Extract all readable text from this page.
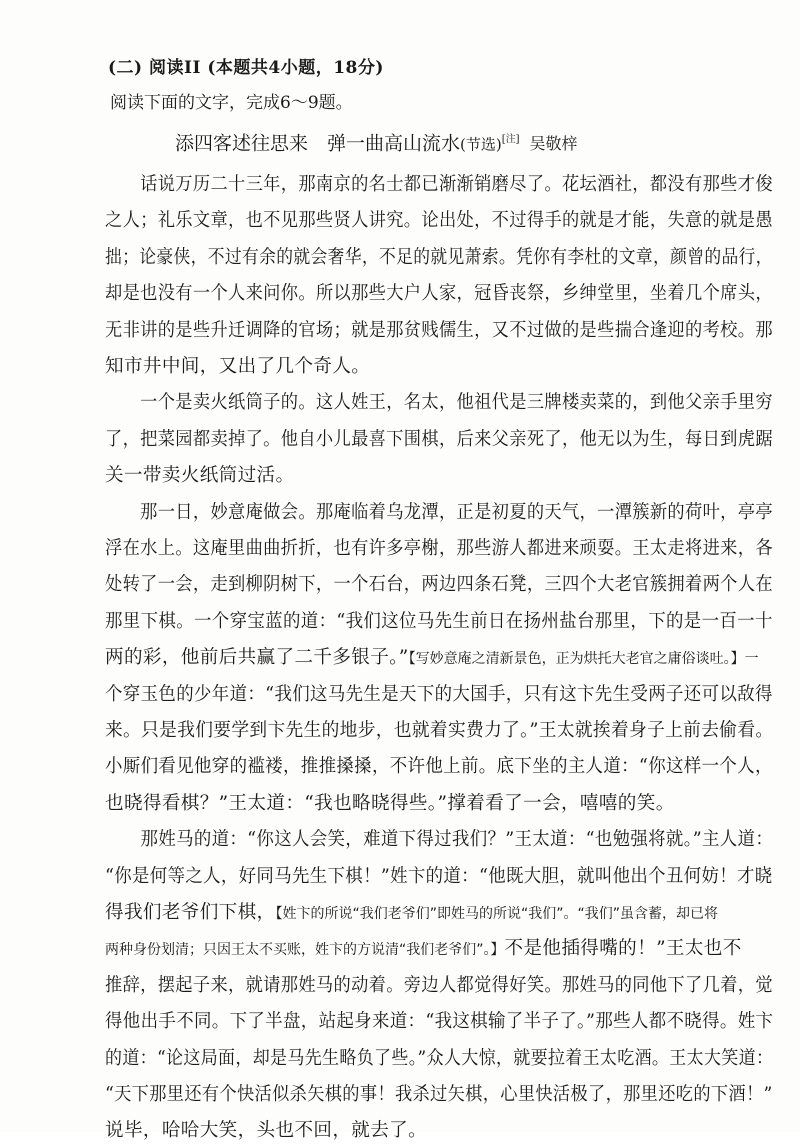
(二) 阅读II (本题共4小题，18分)
阅读下面的文字，完成6～9题。
添四客述往思来　弹一曲高山流水(节选)[注] 吴敬梓
　　话说万历二十三年，那南京的名士都已渐渐销磨尽了。花坛酒社，都没有那些才俊
之人；礼乐文章，也不见那些贤人讲究。论出处，不过得手的就是才能，失意的就是愚
拙；论豪侠，不过有余的就会奢华，不足的就见萧索。凭你有李杜的文章，颜曾的品行，
却是也没有一个人来问你。所以那些大户人家，冠昏丧祭，乡绅堂里，坐着几个席头，
无非讲的是些升迁调降的官场；就是那贫贱儒生，又不过做的是些揣合逢迎的考校。那
知市井中间，又出了几个奇人。
　　一个是卖火纸筒子的。这人姓王，名太，他祖代是三牌楼卖菜的，到他父亲手里穷
了，把菜园都卖掉了。他自小儿最喜下围棋，后来父亲死了，他无以为生，每日到虎踞
关一带卖火纸筒过活。
　　那一日，妙意庵做会。那庵临着乌龙潭，正是初夏的天气，一潭簇新的荷叶，亭亭
浮在水上。这庵里曲曲折折，也有许多亭榭，那些游人都进来顽耍。王太走将进来，各
处转了一会，走到柳阴树下，一个石台，两边四条石凳，三四个大老官簇拥着两个人在
那里下棋。一个穿宝蓝的道：“我们这位马先生前日在扬州盐台那里，下的是一百一十
两的彩，他前后共赢了二千多银子。”【写妙意庵之清新景色，正为烘托大老官之庸俗谈吐。】一
个穿玉色的少年道：“我们这马先生是天下的大国手，只有这卞先生受两子还可以敌得
来。只是我们要学到卞先生的地步，也就着实费力了。”王太就挨着身子上前去偷看。
小厮们看见他穿的褴褛，推推搡搡，不许他上前。底下坐的主人道：“你这样一个人，
也晓得看棋？”王太道：“我也略晓得些。”撑着看了一会，嘻嘻的笑。
　　那姓马的道：“你这人会笑，难道下得过我们？”王太道：“也勉强将就。”主人道：
“你是何等之人，好同马先生下棋！”姓卞的道：“他既大胆，就叫他出个丑何妨！才晓
得我们老爷们下棋，【姓卞的所说“我们老爷们”即姓马的所说“我们”。“我们”虽含蓄，却已将
两种身份划清；只因王太不买账，姓卞的方说清“我们老爷们”。】不是他插得嘴的！”王太也不
推辞，摆起子来，就请那姓马的动着。旁边人都觉得好笑。那姓马的同他下了几着，觉
得他出手不同。下了半盘，站起身来道：“我这棋输了半子了。”那些人都不晓得。姓卞
的道：“论这局面，却是马先生略负了些。”众人大惊，就要拉着王太吃酒。王太大笑道：
“天下那里还有个快活似杀矢棋的事！我杀过矢棋，心里快活极了，那里还吃的下酒！”
说毕，哈哈大笑，头也不回，就去了。
